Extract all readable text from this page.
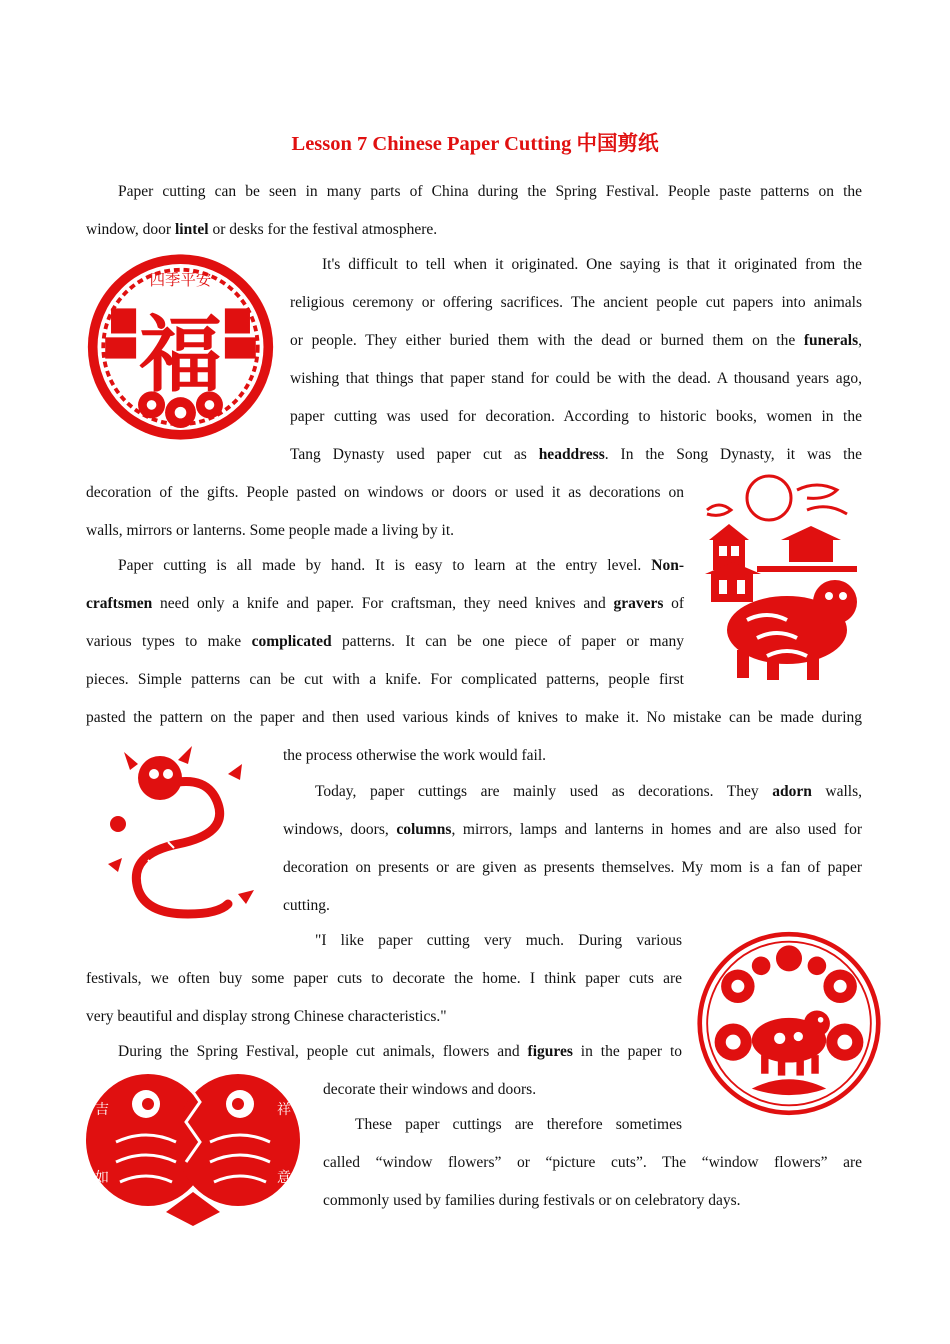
Lesson 7 Chinese Paper Cutting 中国剪纸

Paper cutting can be seen in many parts of China during the Spring Festival. People paste patterns on the

window, door lintel or desks for the festival atmosphere.

It's difficult to tell when it originated. One saying is that it originated from the

religious ceremony or offering sacrifices. The ancient people cut papers into animals

or people. They either buried them with the dead or burned them on the funerals,

wishing that things that paper stand for could be with the dead. A thousand years ago,

paper cutting was used for decoration. According to historic books, women in the

Tang Dynasty used paper cut as headdress. In the Song Dynasty, it was the

decoration of the gifts. People pasted on windows or doors or used it as decorations on

walls, mirrors or lanterns. Some people made a living by it.

Paper cutting is all made by hand. It is easy to learn at the entry level. Non-

craftsmen need only a knife and paper. For craftsman, they need knives and gravers of

various types to make complicated patterns. It can be one piece of paper or many

pieces. Simple patterns can be cut with a knife. For complicated patterns, people first

pasted the pattern on the paper and then used various kinds of knives to make it. No mistake can be made during

the process otherwise the work would fail.

Today, paper cuttings are mainly used as decorations. They adorn walls,

windows, doors, columns, mirrors, lamps and lanterns in homes and are also used for

decoration on presents or are given as presents themselves. My mom is a fan of paper

cutting.

"I like paper cutting very much. During various

festivals, we often buy some paper cuts to decorate the home. I think paper cuts are

very beautiful and display strong Chinese characteristics."

During the Spring Festival, people cut animals, flowers and figures in the paper to

decorate their windows and doors.

These paper cuttings are therefore sometimes

called “window flowers” or “picture cuts”. The “window flowers” are

commonly used by families during festivals or on celebratory days.

四季平安
福
吉	祥
如	意
